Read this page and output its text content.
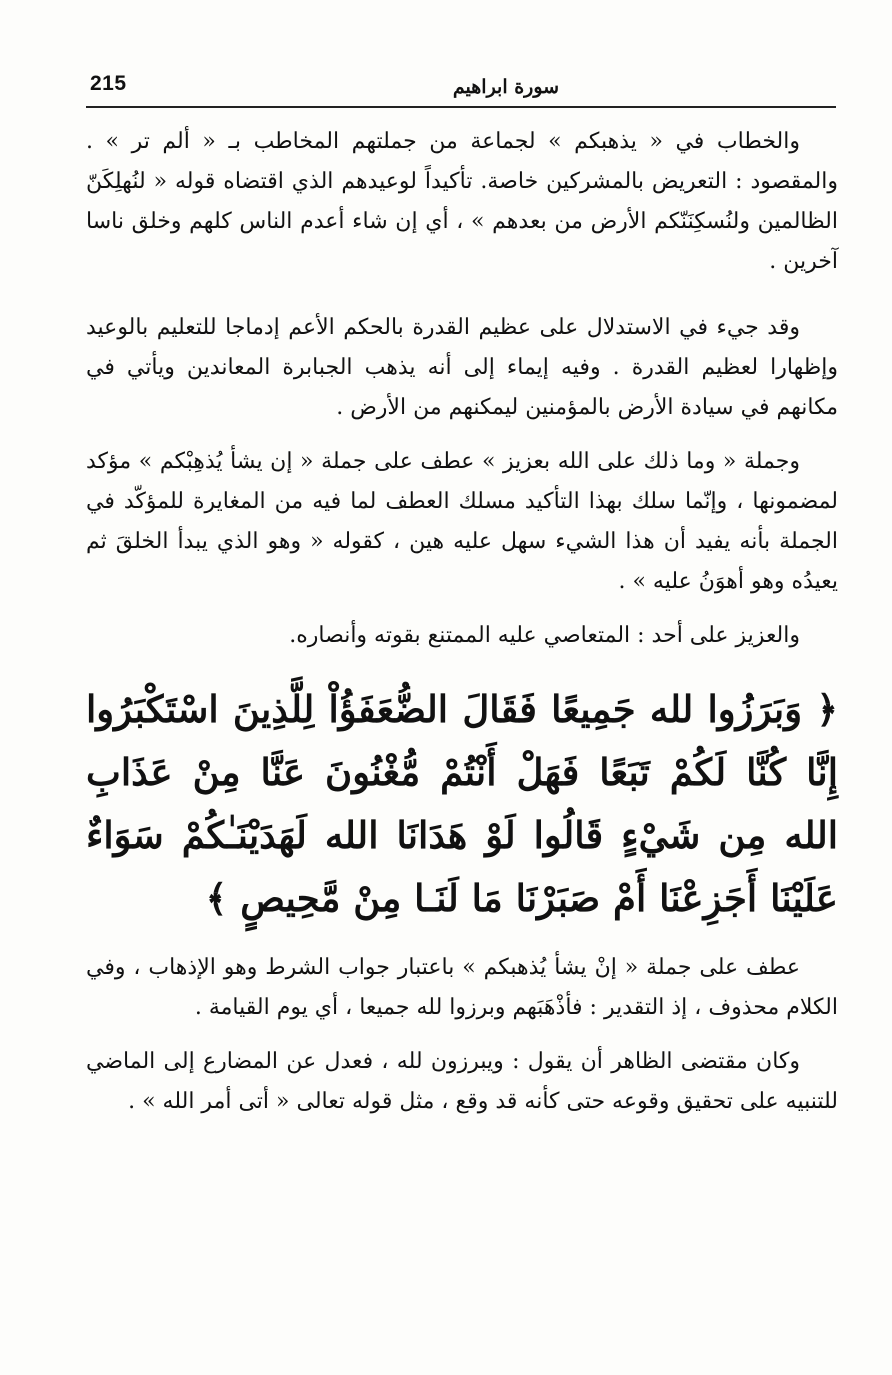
215	سورة ابراهيم

والخطاب في « يذهبكم » لجماعة من جملتهم المخاطب بـ « ألم تر » . والمقصود : التعريض بالمشركين خاصة. تأكيداً لوعيدهم الذي اقتضاه قوله « لنُهلِكَنّ الظالمين ولنُسكِنَنّكم الأرض من بعدهم » ، أي إن شاء أعدم الناس كلهم وخلق ناسا آخرين .

وقد جيء في الاستدلال على عظيم القدرة بالحكم الأعم إدماجا للتعليم بالوعيد وإظهارا لعظيم القدرة . وفيه إيماء إلى أنه يذهب الجبابرة المعاندين ويأتي في مكانهم في سيادة الأرض بالمؤمنين ليمكنهم من الأرض .

وجملة « وما ذلك على الله بعزيز » عطف على جملة « إن يشأ يُذهِبْكم » مؤكد لمضمونها ، وإنّما سلك بهذا التأكيد مسلك العطف لما فيه من المغايرة للمؤكّد في الجملة بأنه يفيد أن هذا الشيء سهل عليه هين ، كقوله « وهو الذي يبدأ الخلقَ ثم يعيدُه وهو أهوَنُ عليه » .

والعزيز على أحد : المتعاصي عليه الممتنع بقوته وأنصاره.

﴿ وَبَرَزُوا لله جَمِيعًا فَقَالَ الضُّعَفَؤُاْ لِلَّذِينَ اسْتَكْبَرُوا إِنَّا كُنَّا لَكُمْ تَبَعًا فَهَلْ أَنْتُمْ مُّغْنُونَ عَنَّا مِنْ عَذَابِ الله مِن شَيْءٍ قَالُوا لَوْ هَدَانَا الله لَهَدَيْنَـٰكُمْ سَوَاءٌ عَلَيْنَا أَجَزِعْنَا أَمْ صَبَرْنَا مَا لَنَـا مِنْ مَّحِيصٍ ﴾

عطف على جملة « إنْ يشأ يُذهبكم » باعتبار جواب الشرط وهو الإذهاب ، وفي الكلام محذوف ، إذ التقدير : فأذْهَبَهم وبرزوا لله جميعا ، أي يوم القيامة .

وكان مقتضى الظاهر أن يقول : ويبرزون لله ، فعدل عن المضارع إلى الماضي للتنبيه على تحقيق وقوعه حتى كأنه قد وقع ، مثل قوله تعالى « أتى أمر الله » .
